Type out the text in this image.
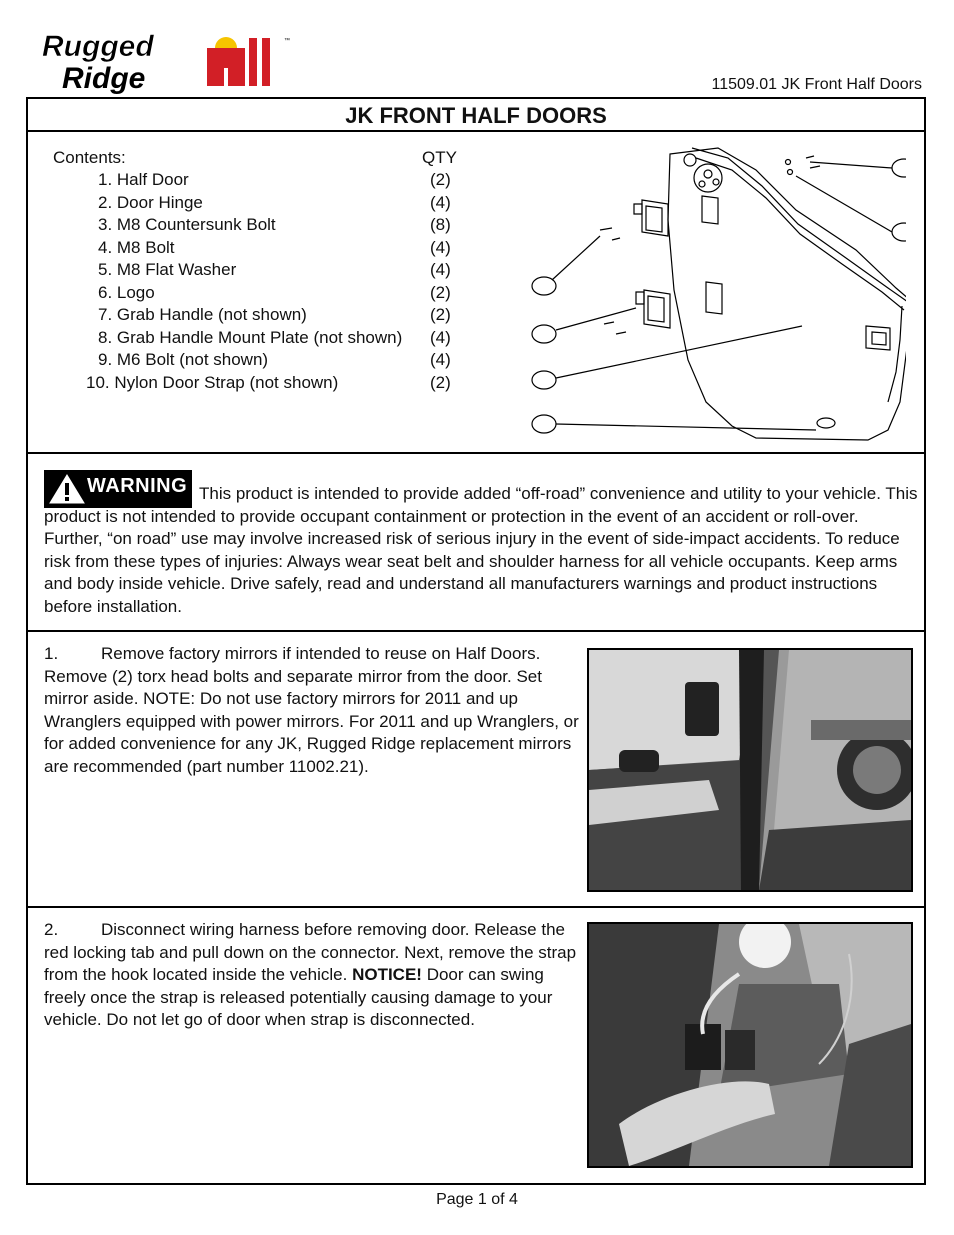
Rugged
Ridge
™
11509.01 JK Front Half Doors
JK FRONT HALF DOORS
Contents:	QTY
1. Half Door	(2)
2. Door Hinge	(4)
3. M8 Countersunk Bolt	(8)
4. M8 Bolt	(4)
5. M8 Flat Washer	(4)
6. Logo	(2)
7. Grab Handle (not shown)	(2)
8. Grab Handle Mount Plate (not shown) (4)
9. M6 Bolt (not shown)	(4)
10. Nylon Door Strap (not shown)	(2)
WARNING This product is intended to provide added “off-road” convenience and utility to your vehicle. This product is not intended to provide occupant containment or protection in the event of an accident or roll-over. Further, “on road” use may involve increased risk of serious injury in the event of side-impact accidents. To reduce risk from these types of injuries: Always wear seat belt and shoulder harness for all vehicle occupants. Keep arms and body inside vehicle. Drive safely, read and understand all manufacturers warnings and product instructions before installation.
1.	Remove factory mirrors if intended to reuse on Half Doors. Remove (2) torx head bolts and separate mirror from the door. Set mirror aside. NOTE: Do not use factory mirrors for 2011 and up Wranglers equipped with power mirrors. For 2011 and up Wranglers, or for added convenience for any JK, Rugged Ridge replacement mirrors are recommended (part number 11002.21).
2.	Disconnect wiring harness before removing door. Release the red locking tab and pull down on the connector. Next, remove the strap from the hook located inside the vehicle. NOTICE! Door can swing freely once the strap is released potentially causing damage to your vehicle. Do not let go of door when strap is disconnected.
Page 1 of 4
